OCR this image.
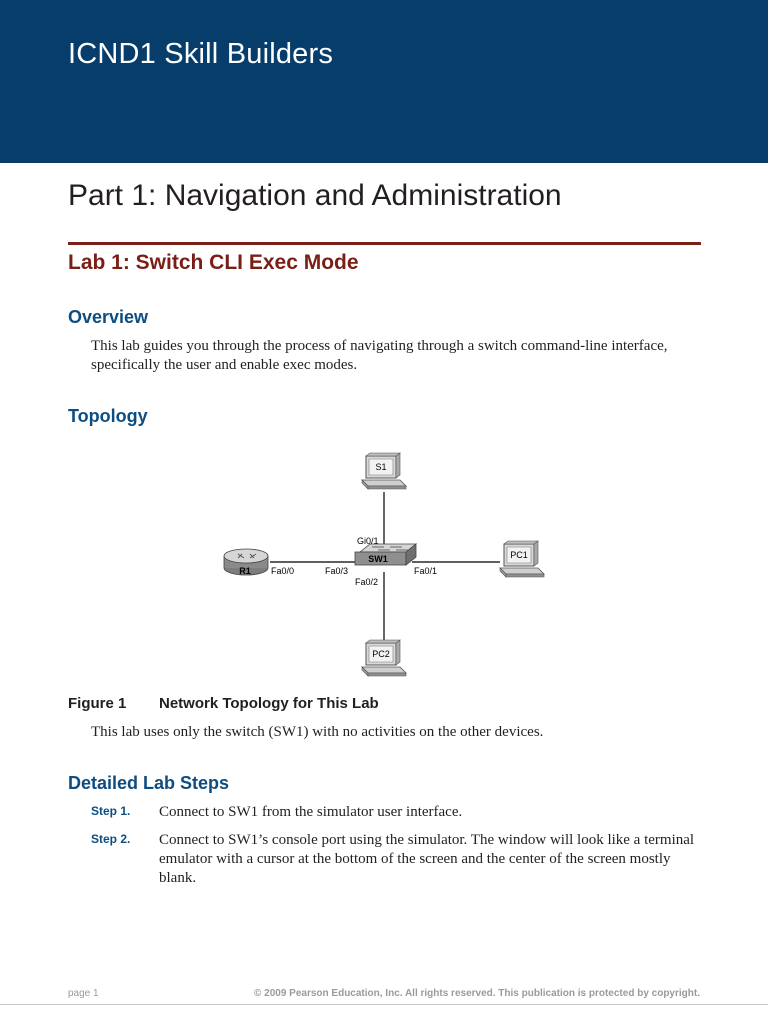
ICND1 Skill Builders
Part 1: Navigation and Administration
Lab 1: Switch CLI Exec Mode
Overview
This lab guides you through the process of navigating through a switch command-line interface, specifically the user and enable exec modes.
Topology
S1
R1
SW1	PC1
PC2
Gi0/1
Fa0/0	Fa0/3	Fa0/1
Fa0/2
Figure 1 Network Topology for This Lab
This lab uses only the switch (SW1) with no activities on the other devices.
Detailed Lab Steps
Step 1. Connect to SW1 from the simulator user interface.
Step 2. Connect to SW1’s console port using the simulator. The window will look like a terminal emulator with a cursor at the bottom of the screen and the center of the screen mostly blank.
page 1	© 2009 Pearson Education, Inc. All rights reserved. This publication is protected by copyright.
